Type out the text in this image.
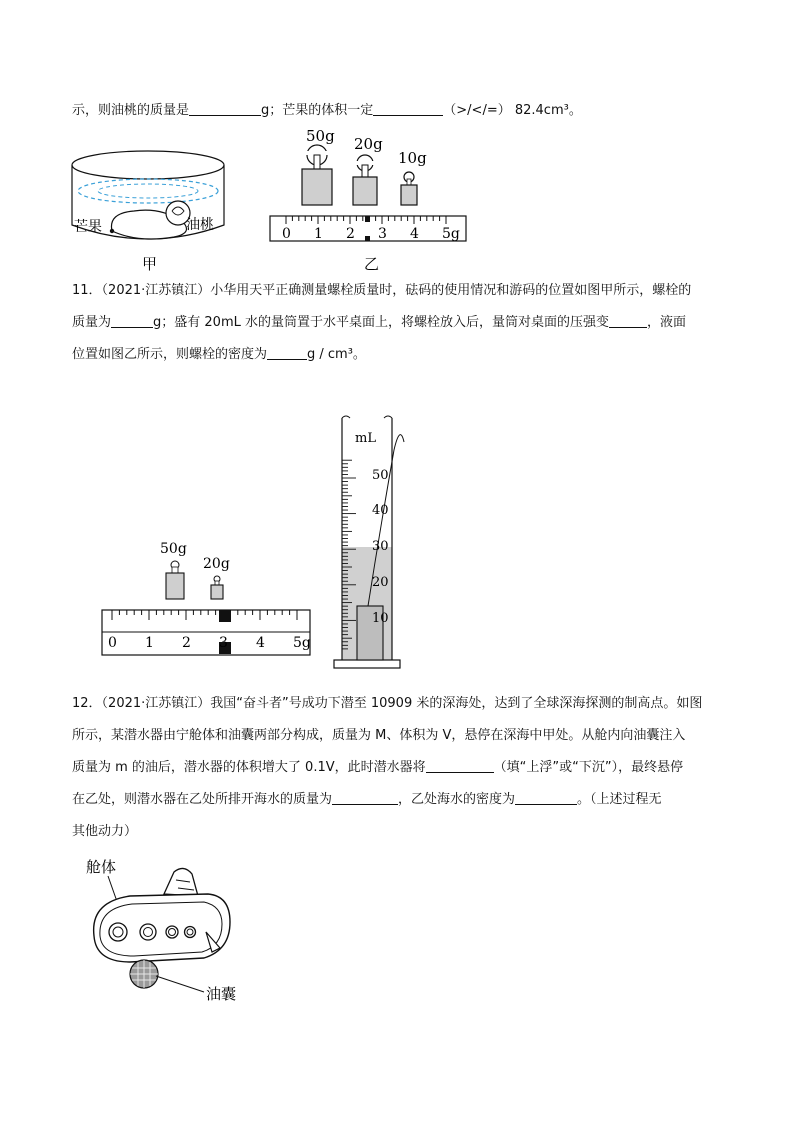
示，则油桃的质量是	g；芒果的体积一定	（>/</=） 82.4cm³。
芒果	油桃
甲
50g 20g
10g
0 1 2 3 4 5g
乙
11．（2021·江苏镇江）小华用天平正确测量螺栓质量时，砝码的使用情况和游码的位置如图甲所示，螺栓的
质量为	g；盛有 20mL 水的量筒置于水平桌面上，将螺栓放入后，量筒对桌面的压强变	，液面
位置如图乙所示，则螺栓的密度为	g / cm³。
50g
20g
0 1 2 3 4 5g
mL
50
40
30
20
10
12．（2021·江苏镇江）我国“奋斗者”号成功下潜至 10909 米的深海处，达到了全球深海探测的制高点。如图
所示，某潜水器由宁舱体和油囊两部分构成，质量为 M、体积为 V，悬停在深海中甲处。从舱内向油囊注入
质量为 m 的油后，潜水器的体积增大了 0.1V，此时潜水器将	（填“上浮”或“下沉”），最终悬停
在乙处，则潜水器在乙处所排开海水的质量为	，乙处海水的密度为	。（上述过程无
其他动力）
舱体
油囊
